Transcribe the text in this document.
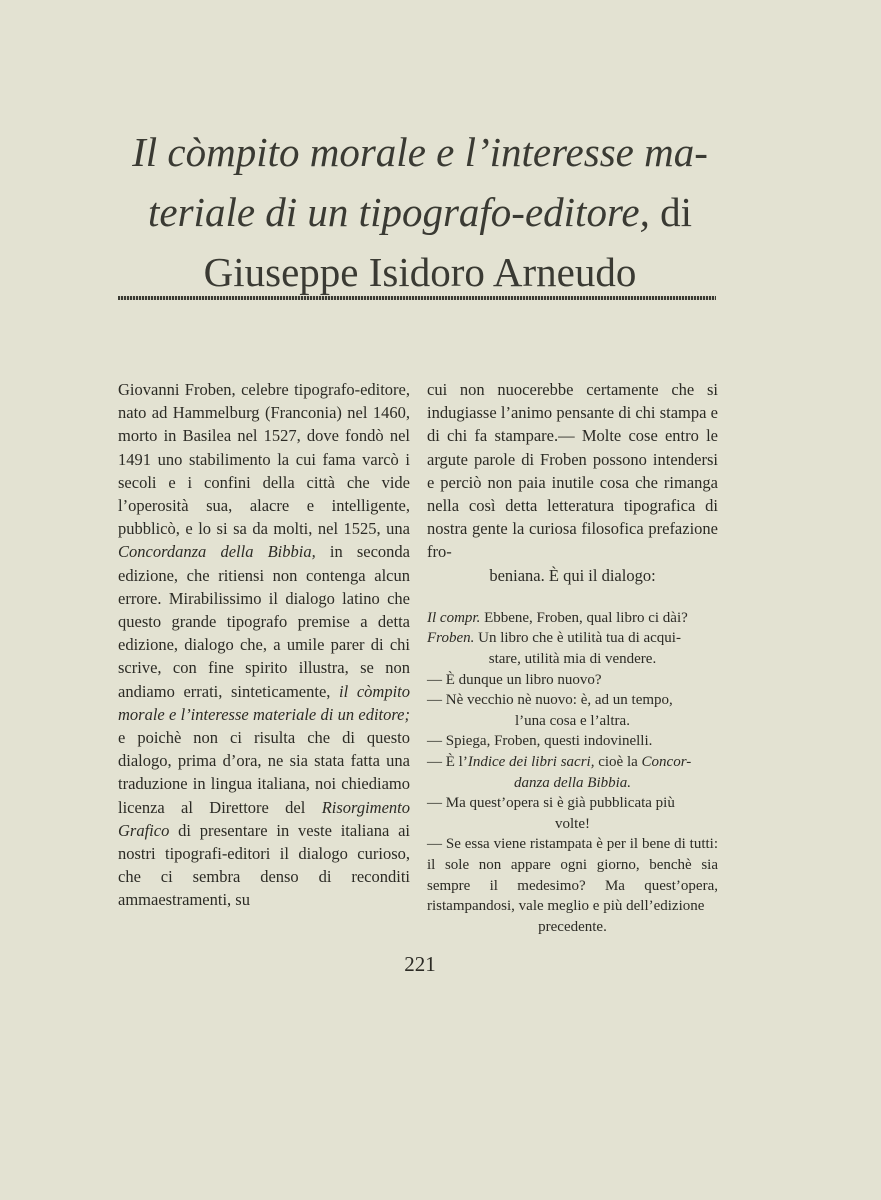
Il còmpito morale e l’interesse ma-
teriale di un tipografo-editore, di
Giuseppe Isidoro Arneudo

Giovanni Froben, celebre tipografo-editore, nato ad Hammelburg (Franconia) nel 1460, morto in Basilea nel 1527, dove fondò nel 1491 uno stabilimento la cui fama varcò i secoli e i confini della città che vide l’operosità sua, alacre e intelligente, pubblicò, e lo si sa da molti, nel 1525, una Concordanza della Bibbia, in seconda edizione, che ritiensi non contenga alcun errore. Mirabilissimo il dialogo latino che questo grande tipografo premise a detta edizione, dialogo che, a umile parer di chi scrive, con fine spirito illustra, se non andiamo errati, sinteticamente, il còmpito morale e l’interesse materiale di un editore; e poichè non ci risulta che di questo dialogo, prima d’ora, ne sia stata fatta una traduzione in lingua italiana, noi chiediamo licenza al Direttore del Risorgimento Grafico di presentare in veste italiana ai nostri tipografi-editori il dialogo curioso, che ci sembra denso di reconditi ammaestramenti, su

cui non nuocerebbe certamente che si indugiasse l’animo pensante di chi stampa e di chi fa stampare.— Molte cose entro le argute parole di Froben possono intendersi e perciò non paia inutile cosa che rimanga nella così detta letteratura tipografica di nostra gente la curiosa filosofica prefazione fro-

beniana. È qui il dialogo:

Il compr. Ebbene, Froben, qual libro ci dài?

Froben. Un libro che è utilità tua di acqui-

stare, utilità mia di vendere.

— È dunque un libro nuovo?

— Nè vecchio nè nuovo: è, ad un tempo,

l’una cosa e l’altra.

— Spiega, Froben, questi indovinelli.

— È l’Indice dei libri sacri, cioè la Concor-

danza della Bibbia.

— Ma quest’opera si è già pubblicata più

volte!

— Se essa viene ristampata è per il bene di tutti: il sole non appare ogni giorno, benchè sia sempre il medesimo? Ma quest’opera, ristampandosi, vale meglio e più dell’edizione

precedente.

221
